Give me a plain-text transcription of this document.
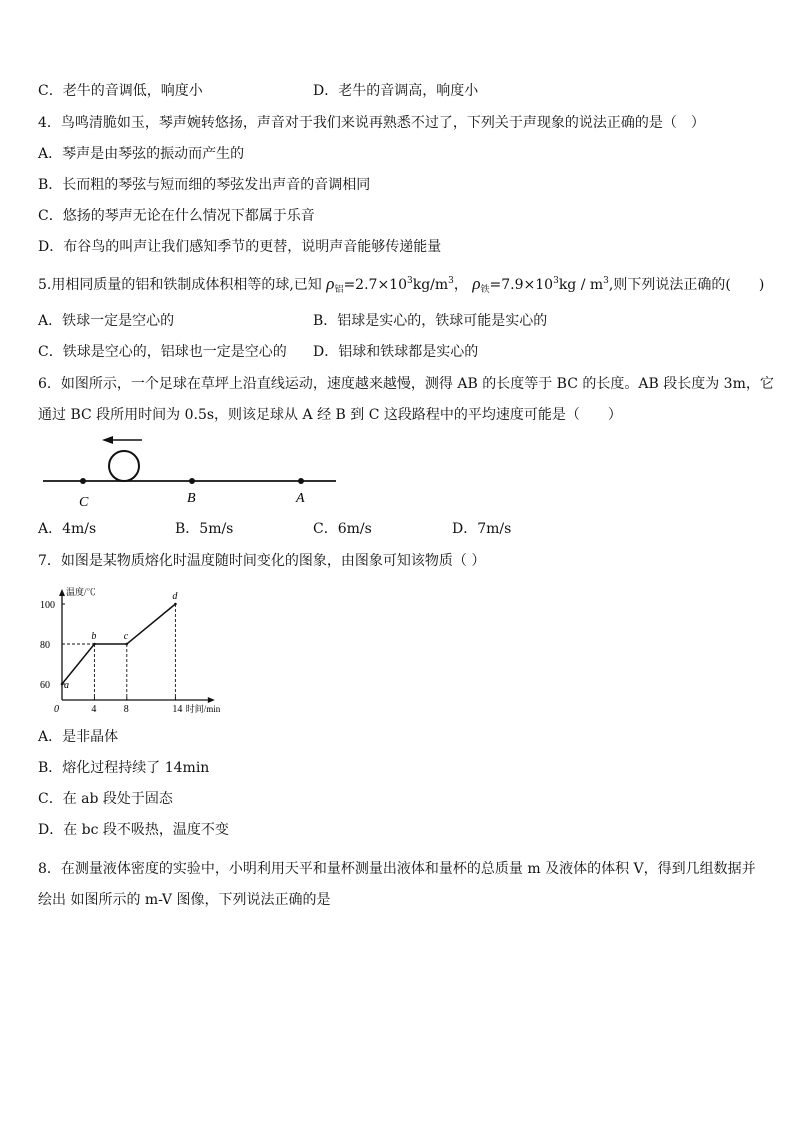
C．老牛的音调低，响度小	D．老牛的音调高，响度小
4．鸟鸣清脆如玉，琴声婉转悠扬，声音对于我们来说再熟悉不过了，下列关于声现象的说法正确的是（　）
A．琴声是由琴弦的振动而产生的
B．长而粗的琴弦与短而细的琴弦发出声音的音调相同
C．悠扬的琴声无论在什么情况下都属于乐音
D．布谷鸟的叫声让我们感知季节的更替，说明声音能够传递能量
5.用相同质量的铝和铁制成体积相等的球,已知 $\rho_铝=2.7\times 10^3kg/m^3$， $\rho_铁=7.9\times 10^3kg / m^3$,则下列说法正确的(　　)
A．铁球一定是空心的	B．铝球是实心的，铁球可能是实心的
C．铁球是空心的，铝球也一定是空心的 D．铝球和铁球都是实心的
6．如图所示，一个足球在草坪上沿直线运动，速度越来越慢，测得 AB 的长度等于 BC 的长度。AB 段长度为 3m，它
通过 BC 段所用时间为 0.5s，则该足球从 A 经 B 到 C 这段路程中的平均速度可能是（　　）
C	B	A
A．4m/s	B．5m/s	C．6m/s	D．7m/s
7．如图是某物质熔化时温度随时间变化的图象，由图象可知该物质（ ）
温度/℃
时间/min
0
60
80
100
4	8	14
a
b	c
d
A．是非晶体
B．熔化过程持续了 14min
C．在 ab 段处于固态
D．在 bc 段不吸热，温度不变
8．在测量液体密度的实验中，小明利用天平和量杯测量出液体和量杯的总质量 m 及液体的体积 V，得到几组数据并
绘出 如图所示的 m-V 图像，下列说法正确的是
